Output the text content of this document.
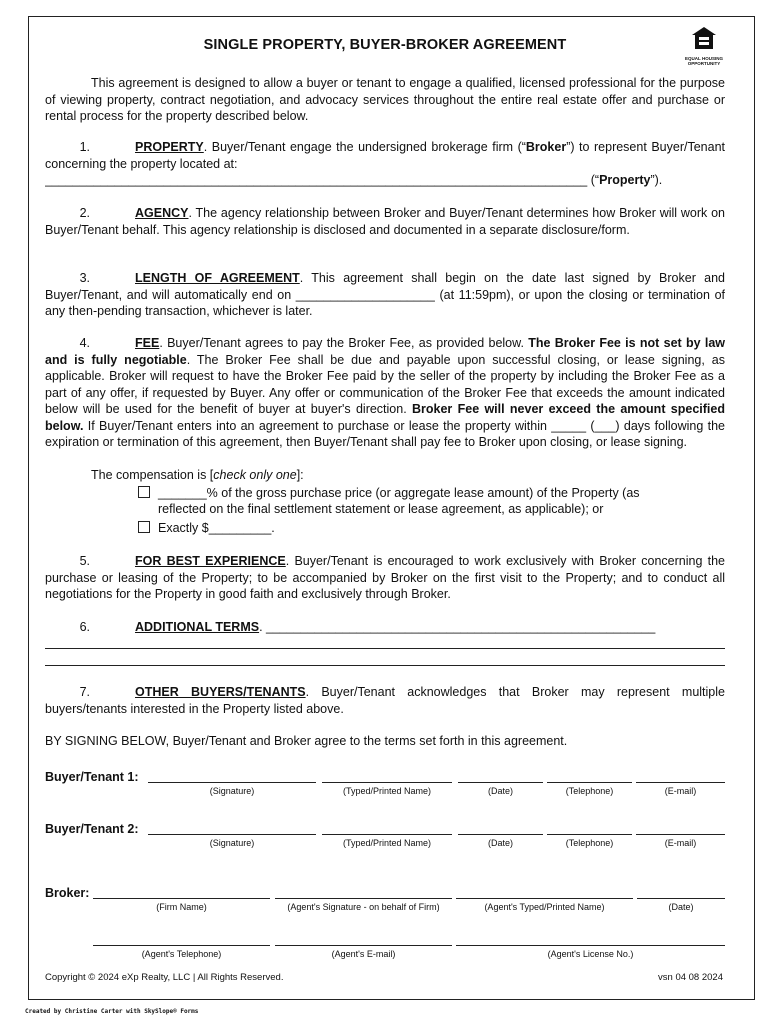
SINGLE PROPERTY, BUYER-BROKER AGREEMENT
EQUAL HOUSING OPPORTUNITY
This agreement is designed to allow a buyer or tenant to engage a qualified, licensed professional for the purpose of viewing property, contract negotiation, and advocacy services throughout the entire real estate offer and purchase or rental process for the property described below.
1.	PROPERTY. Buyer/Tenant engage the undersigned brokerage firm (“Broker”) to represent Buyer/Tenant concerning the property located at:
______________________________________________________________________________ (“Property”).
2.	AGENCY. The agency relationship between Broker and Buyer/Tenant determines how Broker will work on Buyer/Tenant behalf. This agency relationship is disclosed and documented in a separate disclosure/form.
3.	LENGTH OF AGREEMENT. This agreement shall begin on the date last signed by Broker and Buyer/Tenant, and will automatically end on ____________________ (at 11:59pm), or upon the closing or termination of any then-pending transaction, whichever is later.
4.	FEE. Buyer/Tenant agrees to pay the Broker Fee, as provided below. The Broker Fee is not set by law and is fully negotiable. The Broker Fee shall be due and payable upon successful closing, or lease signing, as applicable. Broker will request to have the Broker Fee paid by the seller of the property by including the Broker Fee as a part of any offer, if requested by Buyer. Any offer or communication of the Broker Fee that exceeds the amount indicated below will be used for the benefit of buyer at buyer's direction. Broker Fee will never exceed the amount specified below. If Buyer/Tenant enters into an agreement to purchase or lease the property within _____ (___) days following the expiration or termination of this agreement, then Buyer/Tenant shall pay fee to Broker upon closing, or lease signing.
The compensation is [check only one]:
_______% of the gross purchase price (or aggregate lease amount) of the Property (as
reflected on the final settlement statement or lease agreement, as applicable); or
Exactly $_________.
5.	FOR BEST EXPERIENCE. Buyer/Tenant is encouraged to work exclusively with Broker concerning the purchase or leasing of the Property; to be accompanied by Broker on the first visit to the Property; and to conduct all negotiations for the Property in good faith and exclusively through Broker.
6.	ADDITIONAL TERMS. ________________________________________________________
7.	OTHER BUYERS/TENANTS. Buyer/Tenant acknowledges that Broker may represent multiple buyers/tenants interested in the Property listed above.
BY SIGNING BELOW, Buyer/Tenant and Broker agree to the terms set forth in this agreement.
Buyer/Tenant 1:
(Signature)	(Typed/Printed Name)	(Date)	(Telephone)	(E-mail)
Buyer/Tenant 2:
(Signature)	(Typed/Printed Name)	(Date)	(Telephone)	(E-mail)
Broker:
(Firm Name)	(Agent's Signature - on behalf of Firm)	(Agent's Typed/Printed Name)	(Date)
(Agent's Telephone)	(Agent's E-mail)	(Agent's License No.)
Copyright © 2024 eXp Realty, LLC | All Rights Reserved.	vsn 04 08 2024
Created by Christine Carter with SkySlope® Forms
